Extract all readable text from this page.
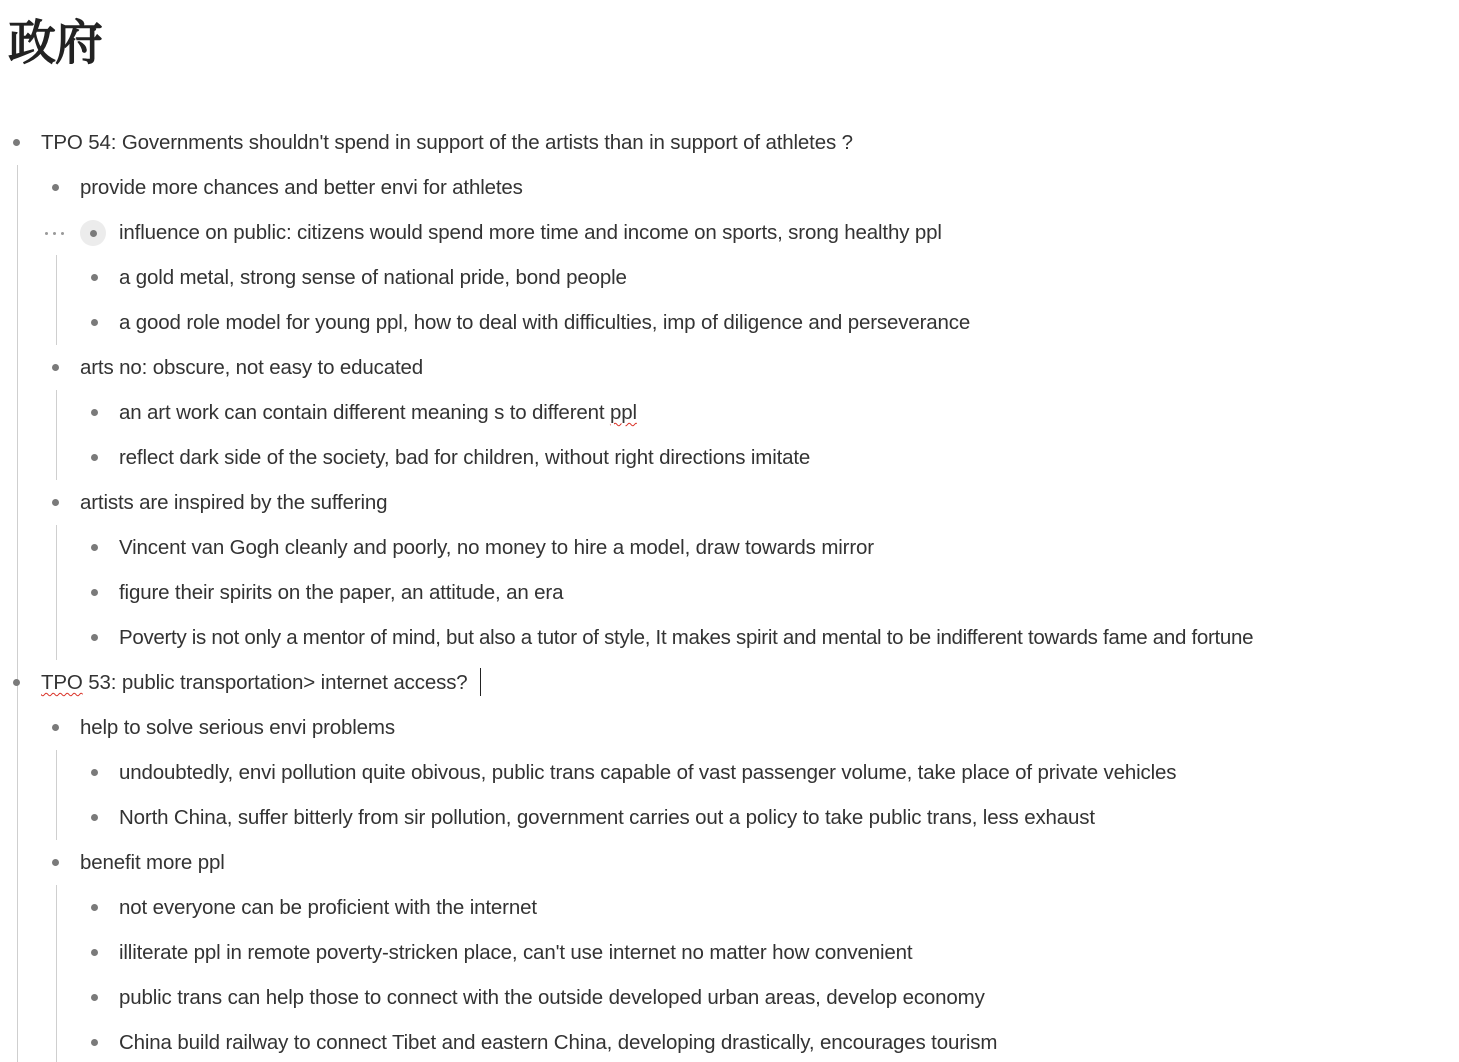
政府
TPO 54: Governments shouldn't spend in support of the artists than in support of athletes ?
provide more chances and better envi for athletes
influence on public: citizens would spend more time and income on sports, srong healthy ppl
a gold metal, strong sense of national pride, bond people
a good role model for young ppl, how to deal with difficulties, imp of diligence and perseverance
arts no: obscure, not easy to educated
an art work can contain different meaning s to different ppl
reflect dark side of the society, bad for children, without right directions imitate
artists are inspired by the suffering
Vincent van Gogh cleanly and poorly, no money to hire a model, draw towards mirror
figure their spirits on the paper, an attitude, an era
Poverty is not only a mentor of mind, but also a tutor of style, It makes spirit and mental to be indifferent towards fame and fortune
TPO 53: public transportation> internet access?
help to solve serious envi problems
undoubtedly, envi pollution quite obivous, public trans capable of vast passenger volume, take place of private vehicles
North China, suffer bitterly from sir pollution, government carries out a policy to take public trans, less exhaust
benefit more ppl
not everyone can be proficient with the internet
illiterate ppl in remote poverty-stricken place, can't use internet no matter how convenient
public trans can help those to connect with the outside developed urban areas, develop economy
China build railway to connect Tibet and eastern China, developing drastically, encourages tourism
